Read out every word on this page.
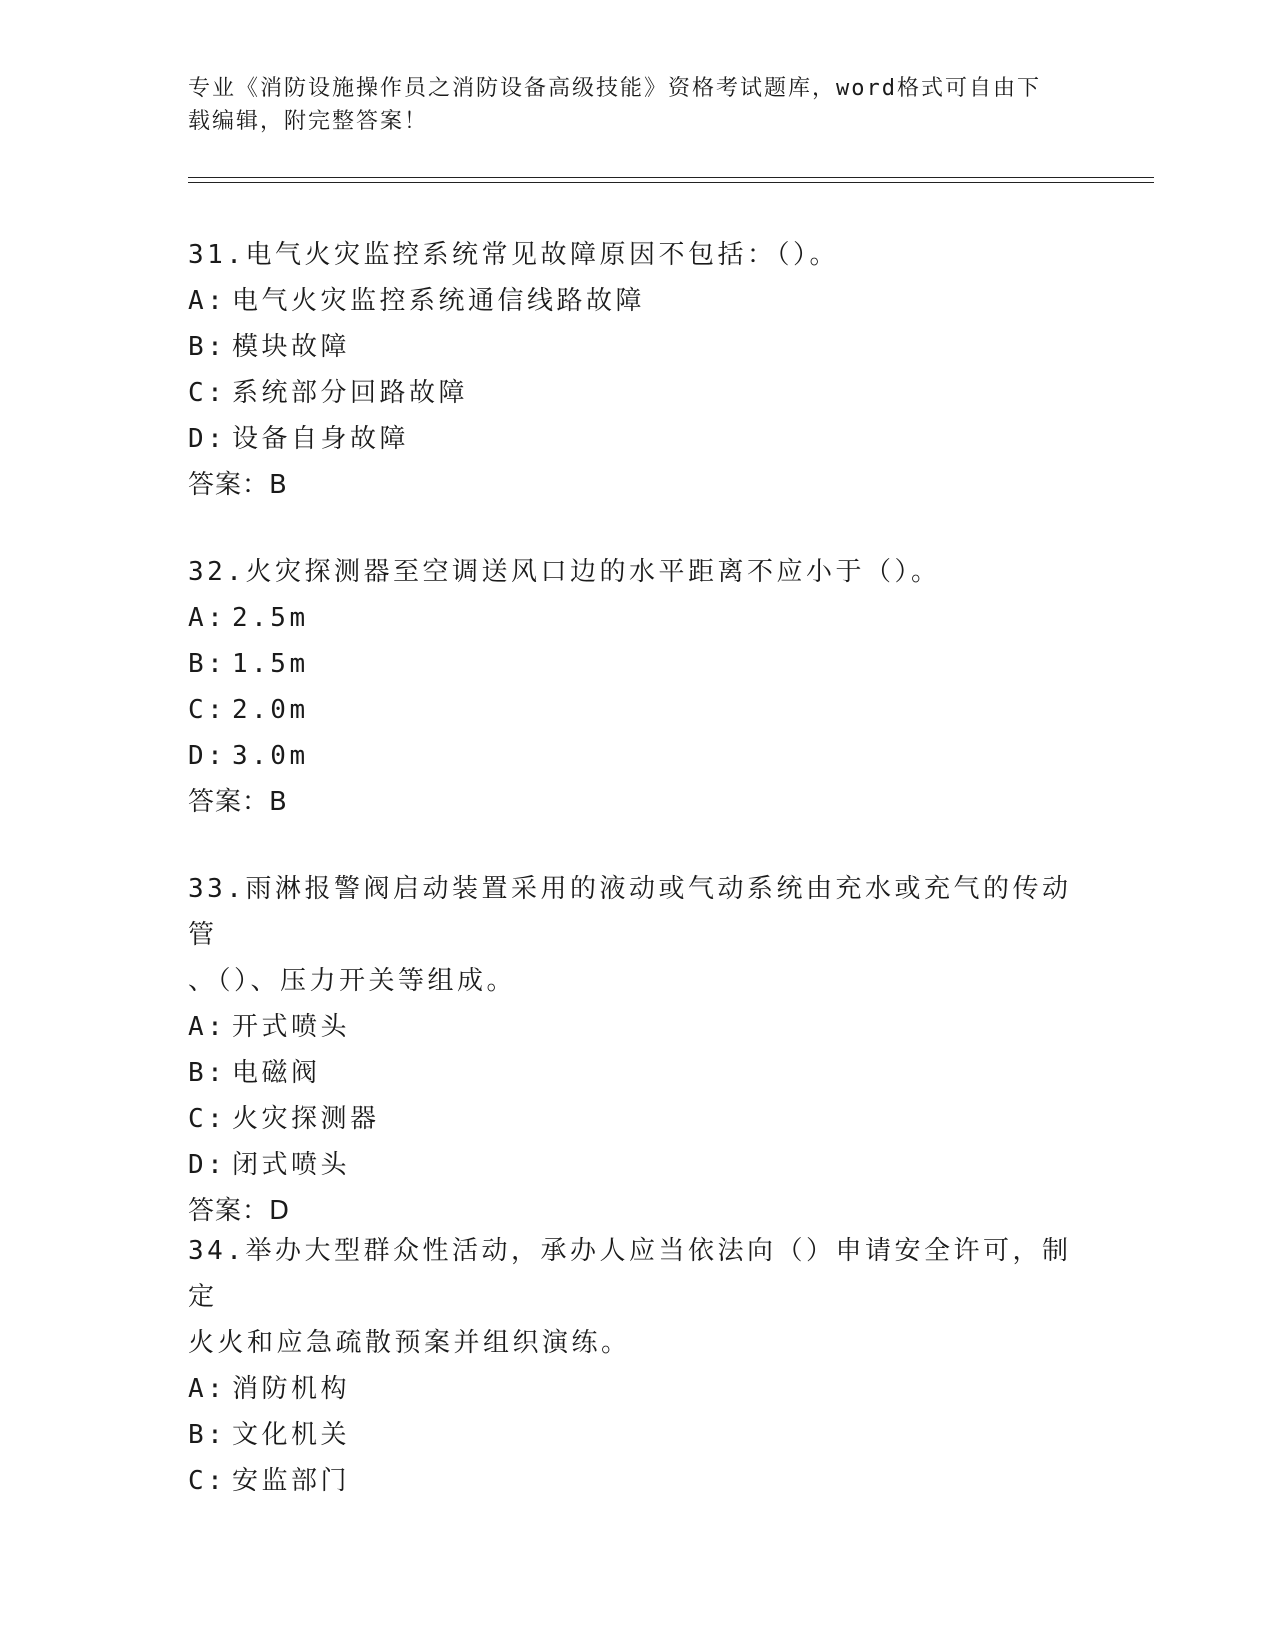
专业《消防设施操作员之消防设备高级技能》资格考试题库，word格式可自由下
载编辑，附完整答案！

31.电气火灾监控系统常见故障原因不包括：（）。

A: 电气火灾监控系统通信线路故障

B: 模块故障

C: 系统部分回路故障

D: 设备自身故障

答案：B

32.火灾探测器至空调送风口边的水平距离不应小于（）。

A: 2.5m

B: 1.5m

C: 2.0m

D: 3.0m

答案：B

33.雨淋报警阀启动装置采用的液动或气动系统由充水或充气的传动管

、（）、压力开关等组成。

A: 开式喷头

B: 电磁阀

C: 火灾探测器

D: 闭式喷头

答案：D

34.举办大型群众性活动，承办人应当依法向（）申请安全许可，制定

火火和应急疏散预案并组织演练。

A: 消防机构

B: 文化机关

C: 安监部门
